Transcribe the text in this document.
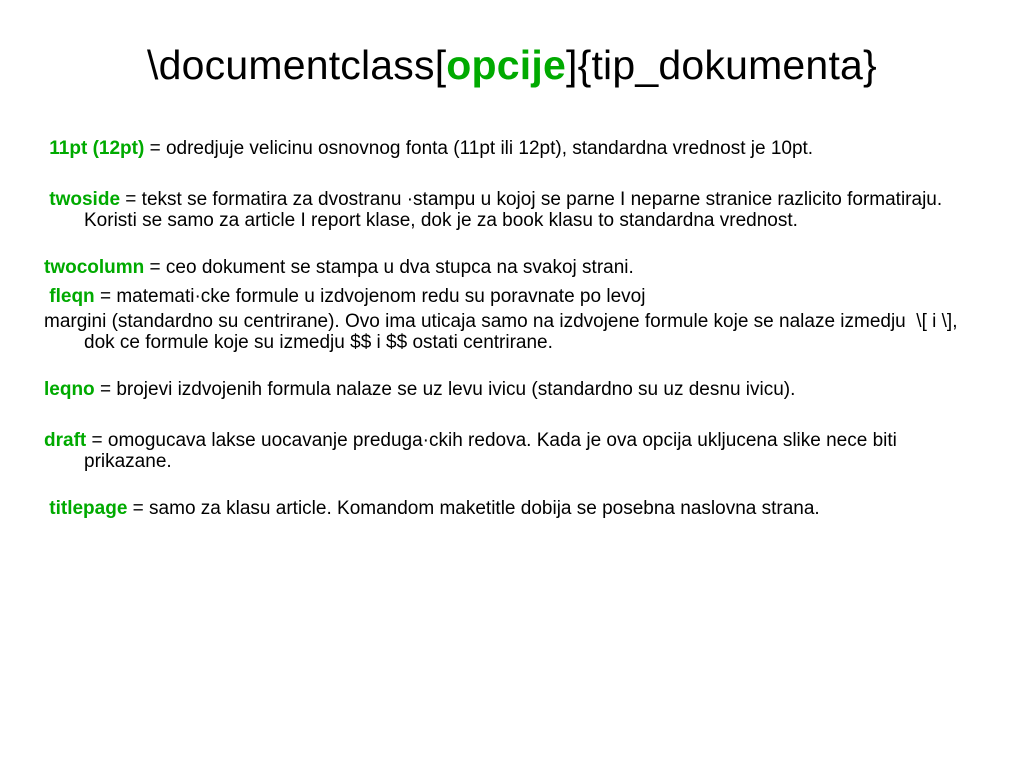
\documentclass[opcije]{tip_dokumenta}

11pt (12pt) = odredjuje velicinu osnovnog fonta (11pt ili 12pt), standardna vrednost je 10pt.

twoside = tekst se formatira za dvostranu ·stampu u kojoj se parne I neparne stranice razlicito formatiraju. Koristi se samo za article I report klase, dok je za book klasu to standardna vrednost.

twocolumn = ceo dokument se stampa u dva stupca na svakoj strani.

fleqn = matemati·cke formule u izdvojenom redu su poravnate po levoj

margini (standardno su centrirane). Ovo ima uticaja samo na izdvojene formule koje se nalaze izmedju  \[ i \], dok ce formule koje su izmedju $$ i $$ ostati centrirane.

leqno = brojevi izdvojenih formula nalaze se uz levu ivicu (standardno su uz desnu ivicu).

draft = omogucava lakse uocavanje preduga·ckih redova. Kada je ova opcija ukljucena slike nece biti prikazane.

titlepage = samo za klasu article. Komandom maketitle dobija se posebna naslovna strana.
